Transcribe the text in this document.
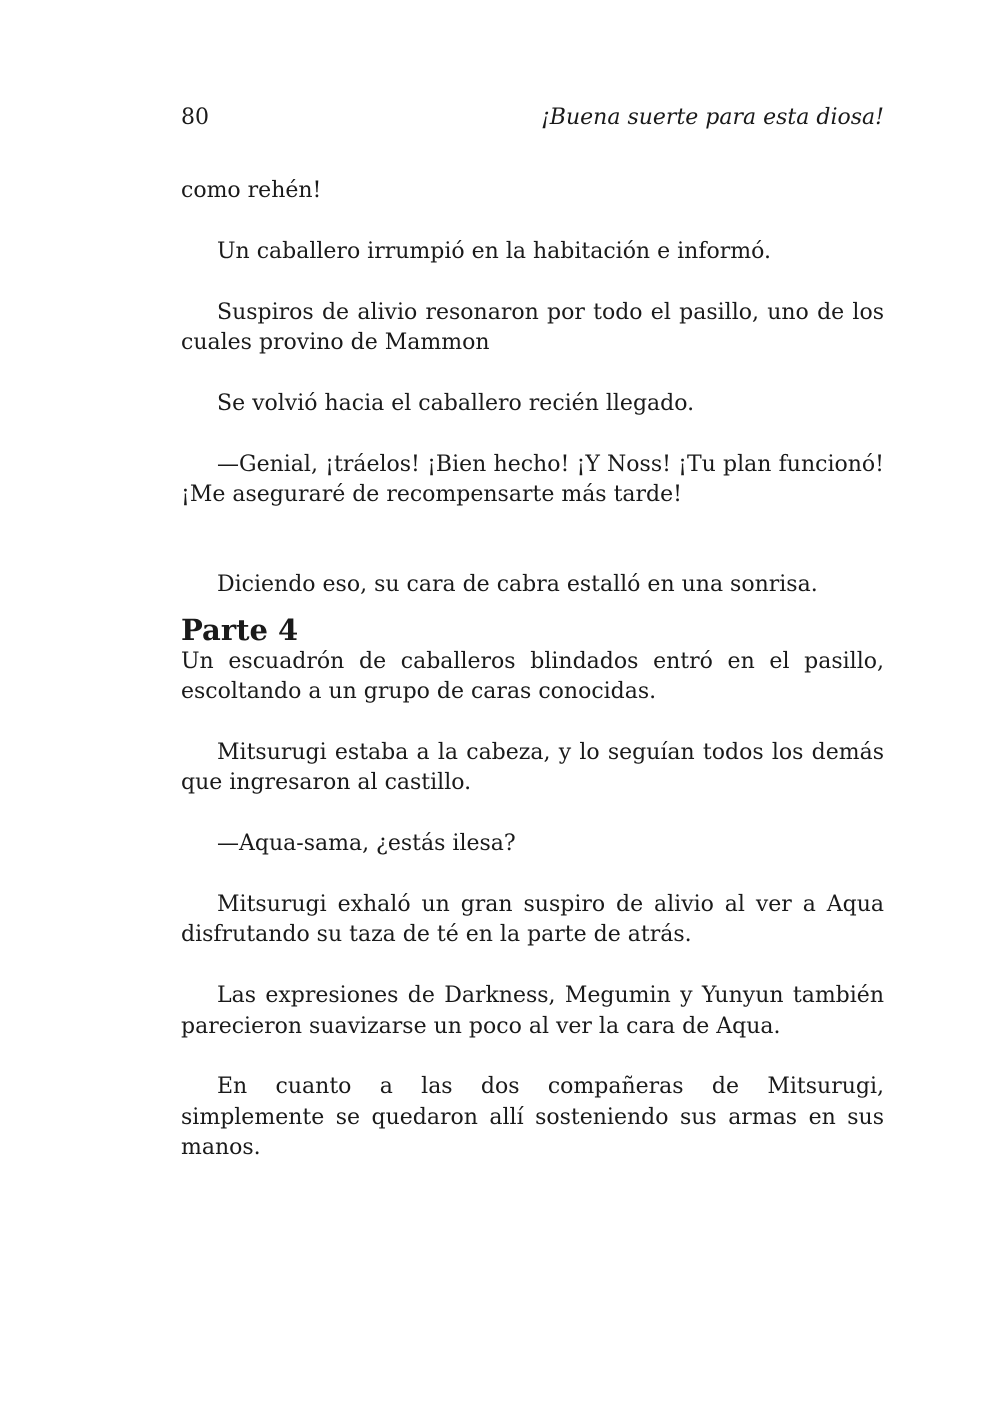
80	¡Buena suerte para esta diosa!

como rehén!

Un caballero irrumpió en la habitación e informó.

Suspiros de alivio resonaron por todo el pasillo, uno de los cuales provino de Mammon

Se volvió hacia el caballero recién llegado.

—Genial, ¡tráelos! ¡Bien hecho! ¡Y Noss! ¡Tu plan funcionó! ¡Me aseguraré de recompensarte más tarde!

Diciendo eso, su cara de cabra estalló en una sonrisa.

Parte 4

Un escuadrón de caballeros blindados entró en el pasillo, escoltando a un grupo de caras conocidas.

Mitsurugi estaba a la cabeza, y lo seguían todos los demás que ingresaron al castillo.

—Aqua-sama, ¿estás ilesa?

Mitsurugi exhaló un gran suspiro de alivio al ver a Aqua disfrutando su taza de té en la parte de atrás.

Las expresiones de Darkness, Megumin y Yunyun también parecieron suavizarse un poco al ver la cara de Aqua.

En cuanto a las dos compañeras de Mitsurugi, simplemente se quedaron allí sosteniendo sus armas en sus manos.
